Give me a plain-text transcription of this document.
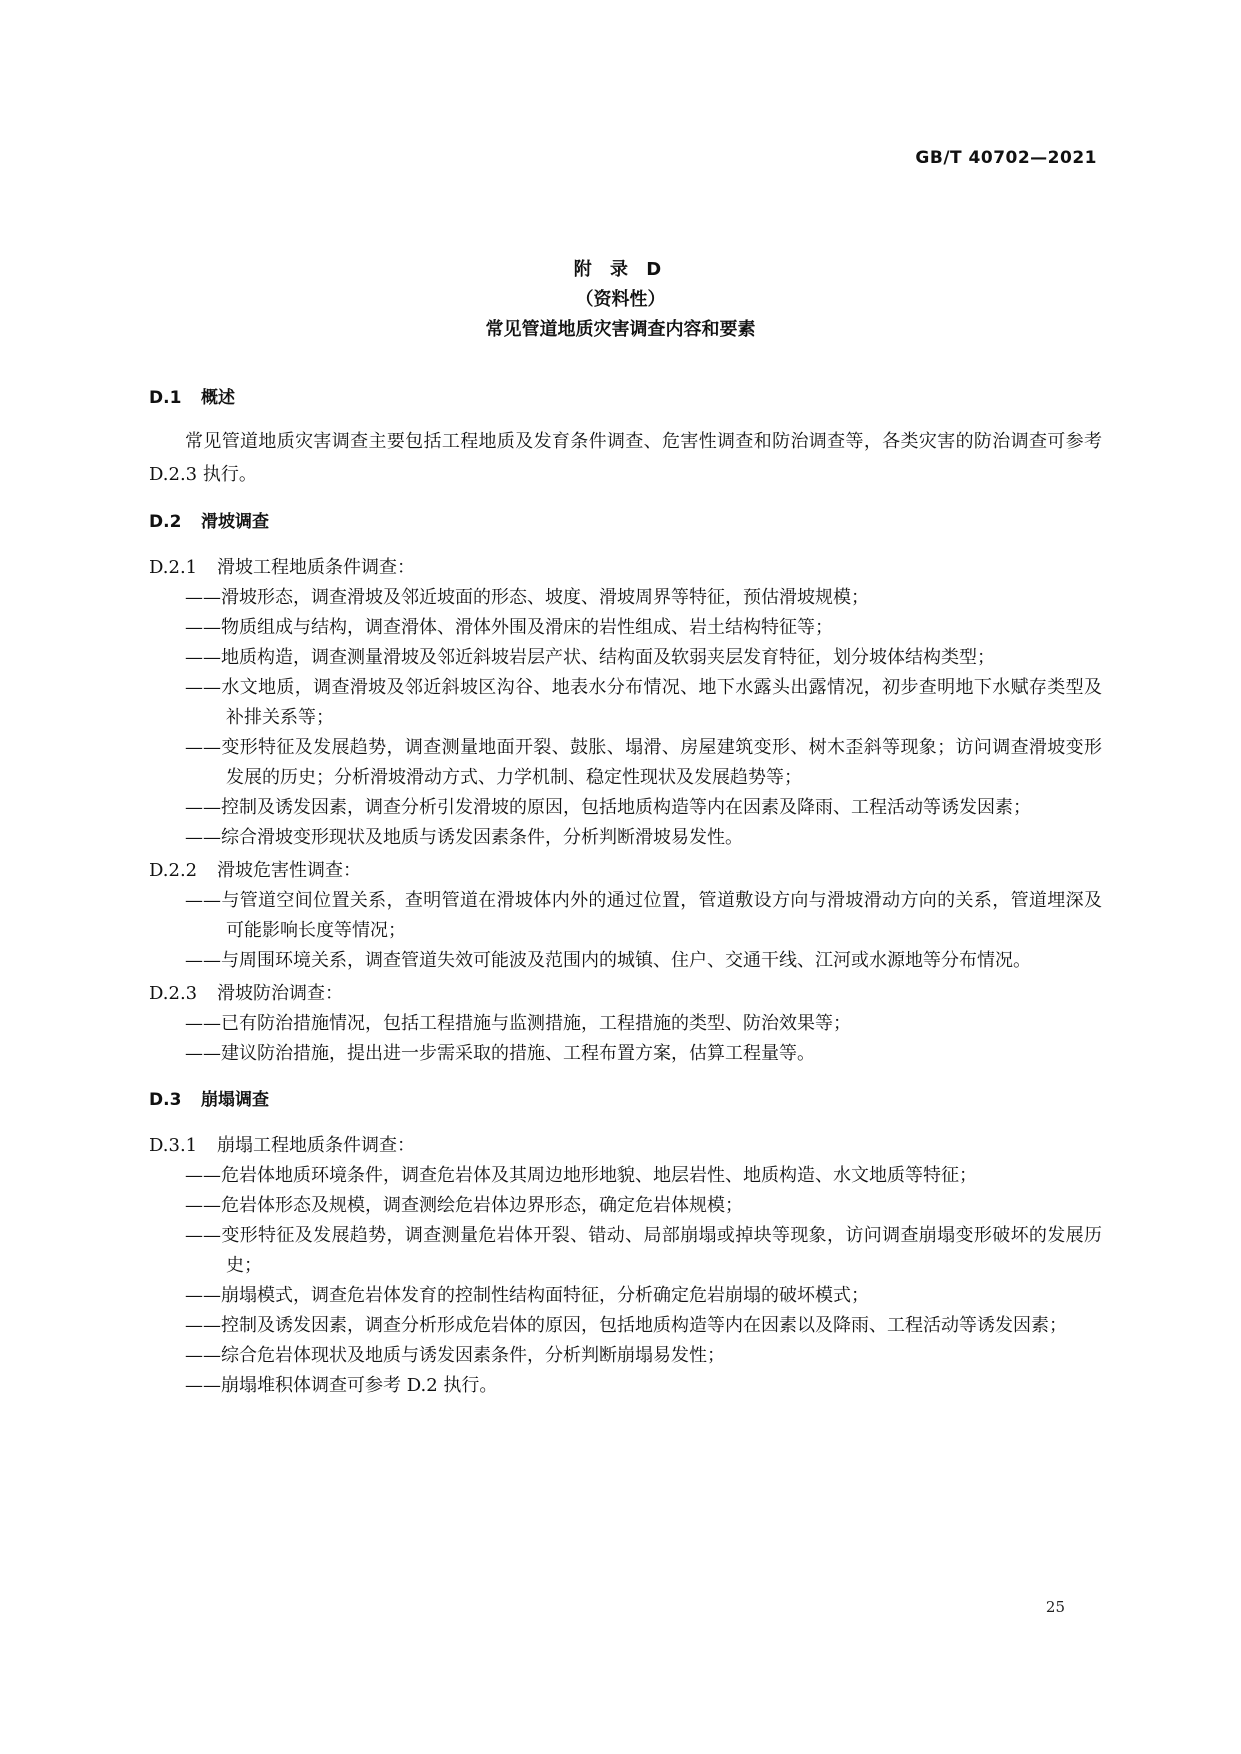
GB/T 40702—2021
附 录 D
（资料性）
常见管道地质灾害调查内容和要素

D.1 概述

常见管道地质灾害调查主要包括工程地质及发育条件调查、危害性调查和防治调查等，各类灾害的防治调查可参考 D.2.3 执行。

D.2 滑坡调查

D.2.1 滑坡工程地质条件调查：

——滑坡形态，调查滑坡及邻近坡面的形态、坡度、滑坡周界等特征，预估滑坡规模；

——物质组成与结构，调查滑体、滑体外围及滑床的岩性组成、岩土结构特征等；

——地质构造，调查测量滑坡及邻近斜坡岩层产状、结构面及软弱夹层发育特征，划分坡体结构类型；

——水文地质，调查滑坡及邻近斜坡区沟谷、地表水分布情况、地下水露头出露情况，初步查明地下水赋存类型及补排关系等；

——变形特征及发展趋势，调查测量地面开裂、鼓胀、塌滑、房屋建筑变形、树木歪斜等现象；访问调查滑坡变形发展的历史；分析滑坡滑动方式、力学机制、稳定性现状及发展趋势等；

——控制及诱发因素，调查分析引发滑坡的原因，包括地质构造等内在因素及降雨、工程活动等诱发因素；

——综合滑坡变形现状及地质与诱发因素条件，分析判断滑坡易发性。

D.2.2 滑坡危害性调查：

——与管道空间位置关系，查明管道在滑坡体内外的通过位置，管道敷设方向与滑坡滑动方向的关系，管道埋深及可能影响长度等情况；

——与周围环境关系，调查管道失效可能波及范围内的城镇、住户、交通干线、江河或水源地等分布情况。

D.2.3 滑坡防治调查：

——已有防治措施情况，包括工程措施与监测措施，工程措施的类型、防治效果等；

——建议防治措施，提出进一步需采取的措施、工程布置方案，估算工程量等。

D.3 崩塌调查

D.3.1 崩塌工程地质条件调查：

——危岩体地质环境条件，调查危岩体及其周边地形地貌、地层岩性、地质构造、水文地质等特征；

——危岩体形态及规模，调查测绘危岩体边界形态，确定危岩体规模；

——变形特征及发展趋势，调查测量危岩体开裂、错动、局部崩塌或掉块等现象，访问调查崩塌变形破坏的发展历史；

——崩塌模式，调查危岩体发育的控制性结构面特征，分析确定危岩崩塌的破坏模式；

——控制及诱发因素，调查分析形成危岩体的原因，包括地质构造等内在因素以及降雨、工程活动等诱发因素；

——综合危岩体现状及地质与诱发因素条件，分析判断崩塌易发性；

——崩塌堆积体调查可参考 D.2 执行。

25
